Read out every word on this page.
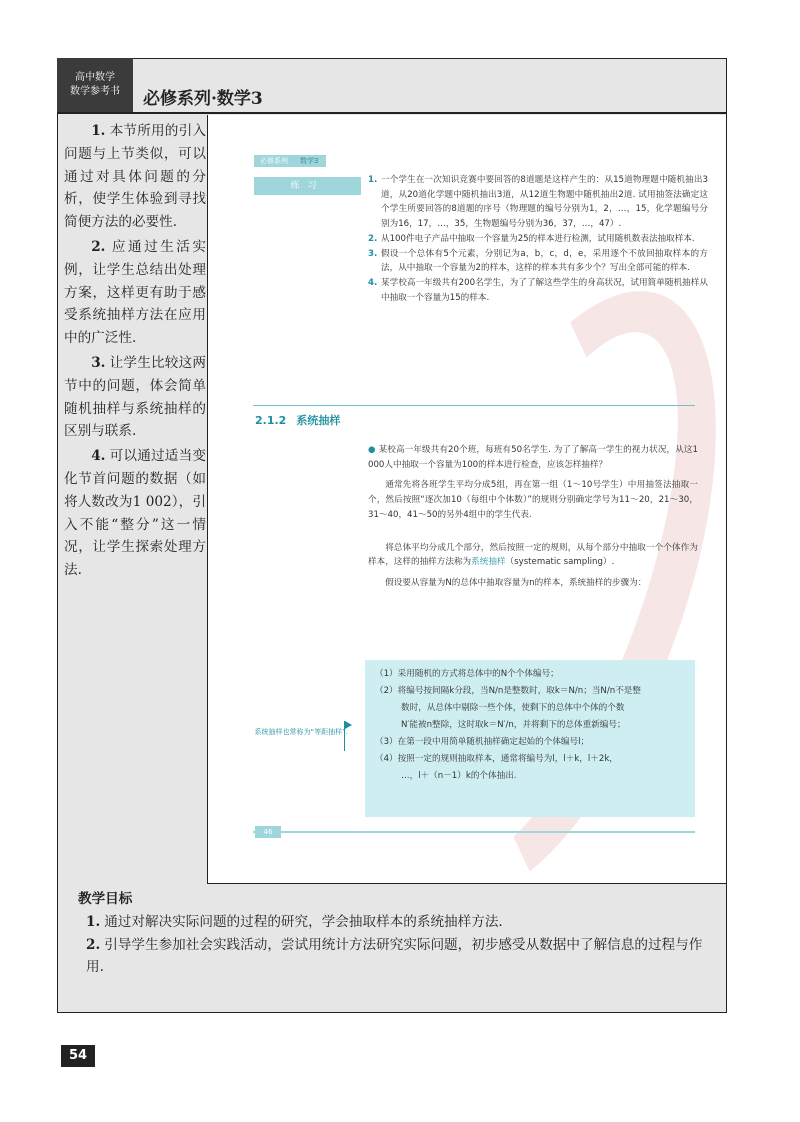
高中数学
数学参考书 必修系列·数学3

1. 本节所用的引入问题与上节类似，可以通过对具体问题的分析，使学生体验到寻找简便方法的必要性.

2. 应通过生活实例，让学生总结出处理方案，这样更有助于感受系统抽样方法在应用中的广泛性.

3. 让学生比较这两节中的问题，体会简单随机抽样与系统抽样的区别与联系.

4. 可以通过适当变化节首问题的数据（如将人数改为1 002），引入不能“整分”这一情况，让学生探索处理方法.

必修系列 数学3
练习

1. 一个学生在一次知识竞赛中要回答的8道题是这样产生的：从15道物理题中随机抽出3道，从20道化学题中随机抽出3道，从12道生物题中随机抽出2道. 试用抽签法确定这个学生所要回答的8道题的序号（物理题的编号分别为1，2，…，15，化学题编号分别为16，17，…，35，生物题编号分别为36，37，…，47）.

2. 从100件电子产品中抽取一个容量为25的样本进行检测，试用随机数表法抽取样本.

3. 假设一个总体有5个元素，分别记为a，b，c，d，e，采用逐个不放回抽取样本的方法，从中抽取一个容量为2的样本，这样的样本共有多少个？写出全部可能的样本.

4. 某学校高一年级共有200名学生，为了了解这些学生的身高状况，试用简单随机抽样从中抽取一个容量为15的样本.

2.1.2 系统抽样

● 某校高一年级共有20个班，每班有50名学生. 为了了解高一学生的视力状况，从这1 000人中抽取一个容量为100的样本进行检查，应该怎样抽样？

通常先将各班学生平均分成5组，再在第一组（1～10号学生）中用抽签法抽取一个，然后按照“逐次加10（每组中个体数）”的规则分别确定学号为11～20，21～30，31～40，41～50的另外4组中的学生代表.

将总体平均分成几个部分，然后按照一定的规则，从每个部分中抽取一个个体作为样本，这样的抽样方法称为系统抽样（systematic sampling）.

假设要从容量为N的总体中抽取容量为n的样本，系统抽样的步骤为：

（1）采用随机的方式将总体中的N个个体编号；

（2）将编号按间隔k分段，当N/n是整数时，取k＝N/n；当N/n不是整

数时，从总体中剔除一些个体，使剩下的总体中个体的个数

N′能被n整除，这时取k＝N′/n，并将剩下的总体重新编号；

（3）在第一段中用简单随机抽样确定起始的个体编号l；

（4）按照一定的规则抽取样本，通常将编号为l，l＋k，l＋2k，

…，l＋（n－1）k的个体抽出.

系统抽样也常称为“等距抽样”.
46

教学目标

1. 通过对解决实际问题的过程的研究，学会抽取样本的系统抽样方法.

2. 引导学生参加社会实践活动，尝试用统计方法研究实际问题，初步感受从数据中了解信息的过程与作用.

54
